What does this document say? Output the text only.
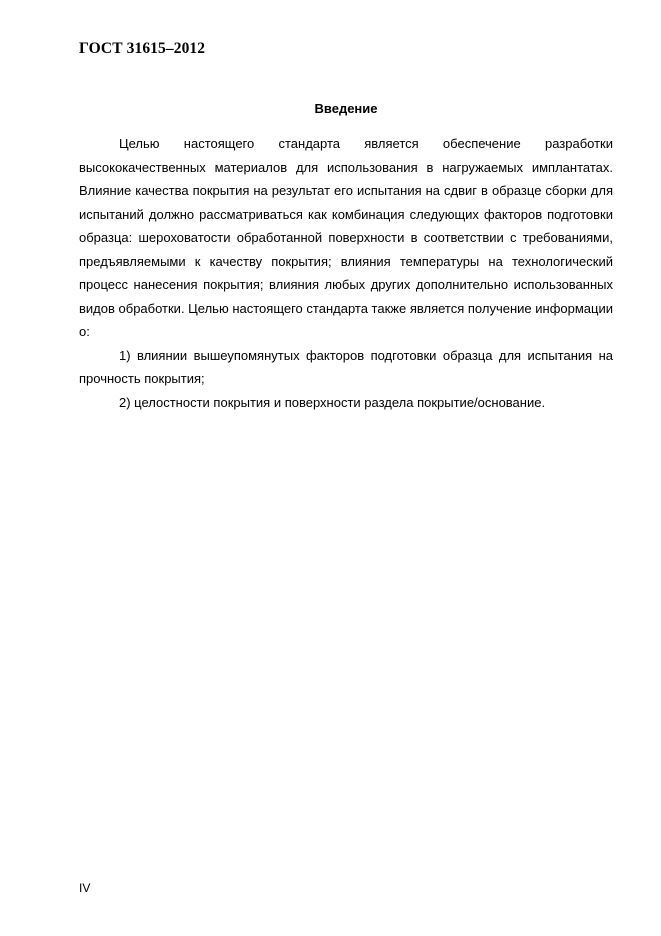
ГОСТ 31615–2012
Введение

Целью настоящего стандарта является обеспечение разработки высококачественных материалов для использования в нагружаемых имплантатах. Влияние качества покрытия на результат его испытания на сдвиг в образце сборки для испытаний должно рассматриваться как комбинация следующих факторов подготовки образца: шероховатости обработанной поверхности в соответствии с требованиями, предъявляемыми к качеству покрытия; влияния температуры на технологический процесс нанесения покрытия; влияния любых других дополнительно использованных видов обработки. Целью настоящего стандарта также является получение информации о:

1) влиянии вышеупомянутых факторов подготовки образца для испытания на прочность покрытия;

2) целостности покрытия и поверхности раздела покрытие/основание.

IV
